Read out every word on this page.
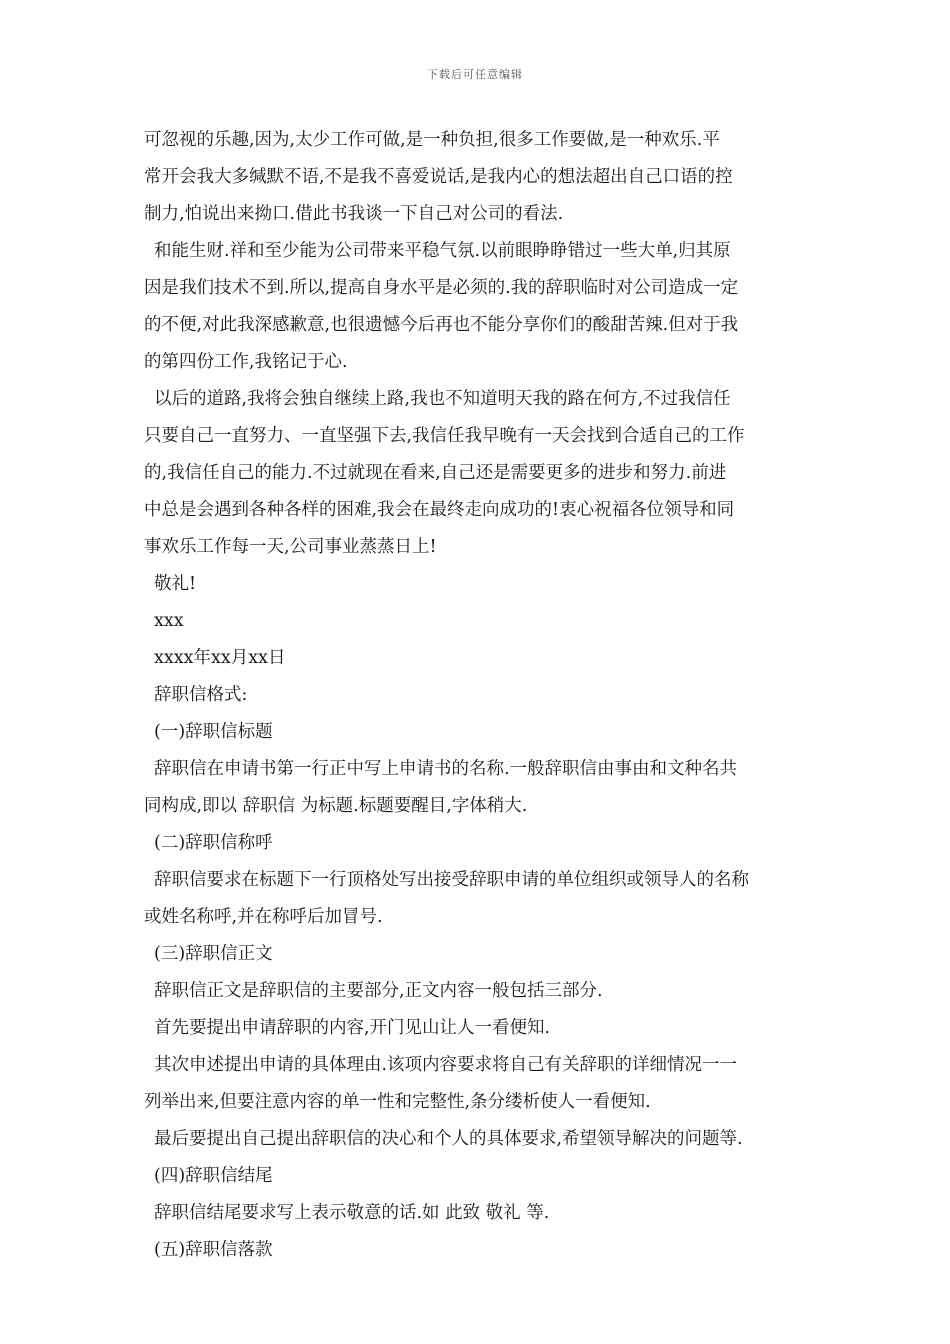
下载后可任意编辑
可忽视的乐趣,因为,太少工作可做,是一种负担,很多工作要做,是一种欢乐.平
常开会我大多缄默不语,不是我不喜爱说话,是我内心的想法超出自己口语的控
制力,怕说出来拗口.借此书我谈一下自己对公司的看法.
和能生财.祥和至少能为公司带来平稳气氛.以前眼睁睁错过一些大单,归其原
因是我们技术不到.所以,提高自身水平是必须的.我的辞职临时对公司造成一定
的不便,对此我深感歉意,也很遗憾今后再也不能分享你们的酸甜苦辣.但对于我
的第四份工作,我铭记于心.
以后的道路,我将会独自继续上路,我也不知道明天我的路在何方,不过我信任
只要自己一直努力、一直坚强下去,我信任我早晚有一天会找到合适自己的工作
的,我信任自己的能力.不过就现在看来,自己还是需要更多的进步和努力.前进
中总是会遇到各种各样的困难,我会在最终走向成功的!衷心祝福各位领导和同
事欢乐工作每一天,公司事业蒸蒸日上!
敬礼!
xxx
xxxx年xx月xx日
辞职信格式:
(一)辞职信标题
辞职信在申请书第一行正中写上申请书的名称.一般辞职信由事由和文种名共
同构成,即以 辞职信 为标题.标题要醒目,字体稍大.
(二)辞职信称呼
辞职信要求在标题下一行顶格处写出接受辞职申请的单位组织或领导人的名称
或姓名称呼,并在称呼后加冒号.
(三)辞职信正文
辞职信正文是辞职信的主要部分,正文内容一般包括三部分.
首先要提出申请辞职的内容,开门见山让人一看便知.
其次申述提出申请的具体理由.该项内容要求将自己有关辞职的详细情况一一
列举出来,但要注意内容的单一性和完整性,条分缕析使人一看便知.
最后要提出自己提出辞职信的决心和个人的具体要求,希望领导解决的问题等.
(四)辞职信结尾
辞职信结尾要求写上表示敬意的话.如 此致 敬礼 等.
(五)辞职信落款
